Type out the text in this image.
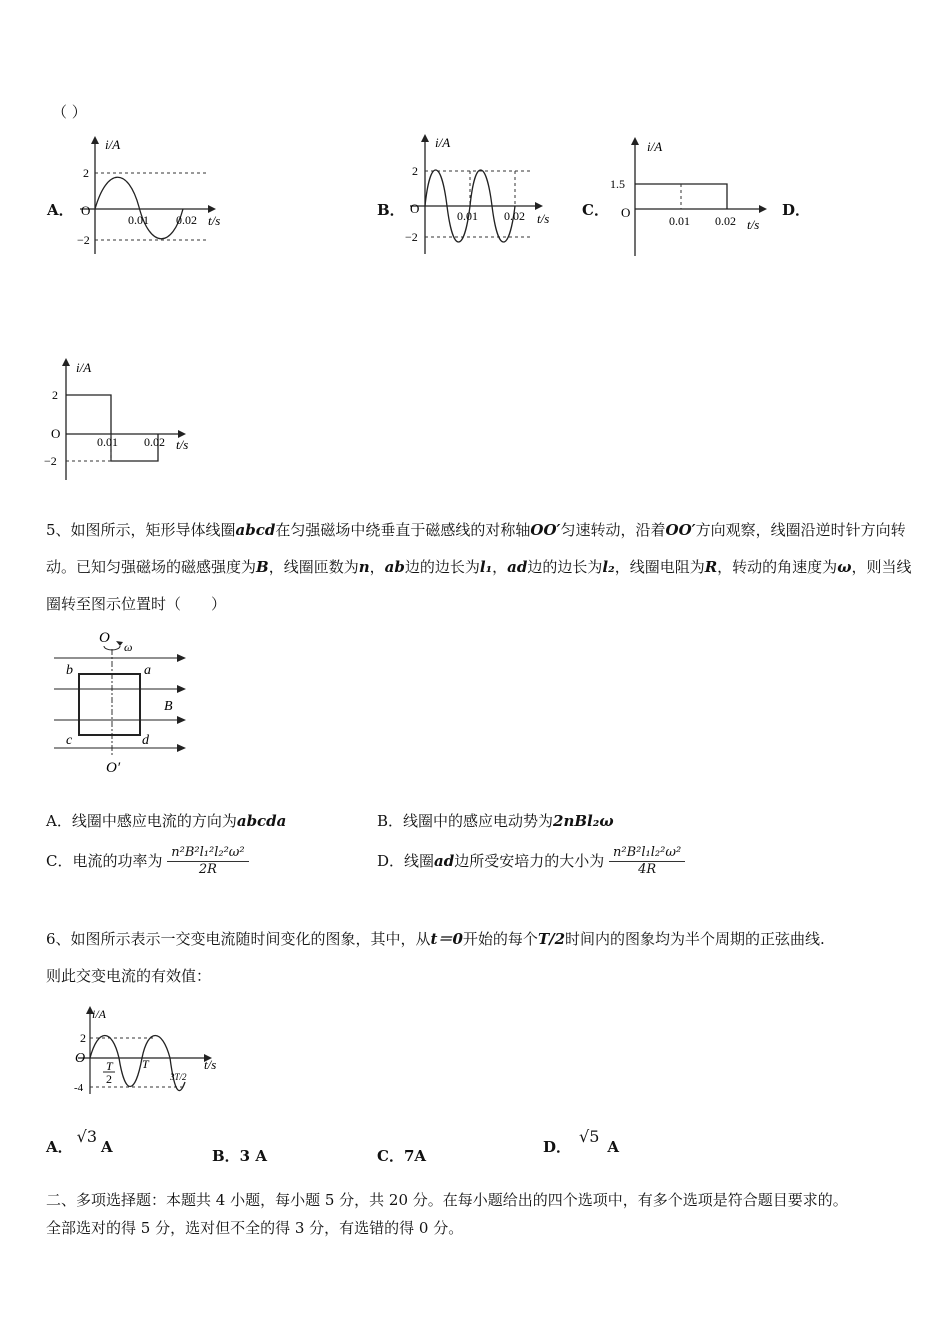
（ ）
A．
i/A
2
−2
O
0.01 0.02 t/s
B．
i/A
2
−2
O	0.01 0.02 t/s C．
i/A
1.5
O
0.01 0.02 t/s
D．
i/A
2
−2
O
0.01 0.02 t/s
5、如图所示，矩形导体线圈abcd在匀强磁场中绕垂直于磁感线的对称轴OO′匀速转动，沿着OO′方向观察，线圈沿逆时针方向转动。已知匀强磁场的磁感强度为B，线圈匝数为n，ab边的边长为l₁，ad边的边长为l₂，线圈电阻为R，转动的角速度为ω，则当线圈转至图示位置时（　　）
O
ω
b	a
B
c	d
O′
A．线圈中感应电流的方向为abcda	B．线圈中的感应电动势为2nBl₂ω
C．电流的功率为 $\frac{\text{n²B²l₁²l₂²ω²}}{2R}$	D．线圈ad边所受安培力的大小为 $\frac{\text{n²B²l₁l₂²ω²}}{4R}$
6、如图所示表示一交变电流随时间变化的图象，其中，从t＝0开始的每个T/2时间内的图象均为半个周期的正弦曲线.
则此交变电流的有效值：
i/A
2
-4
O T
2
T
3T/2
t/s
A．√3A	B．3 A	C．7A	D．√5A
二、多项选择题：本题共 4 小题，每小题 5 分，共 20 分。在每小题给出的四个选项中，有多个选项是符合题目要求的。
全部选对的得 5 分，选对但不全的得 3 分，有选错的得 0 分。
